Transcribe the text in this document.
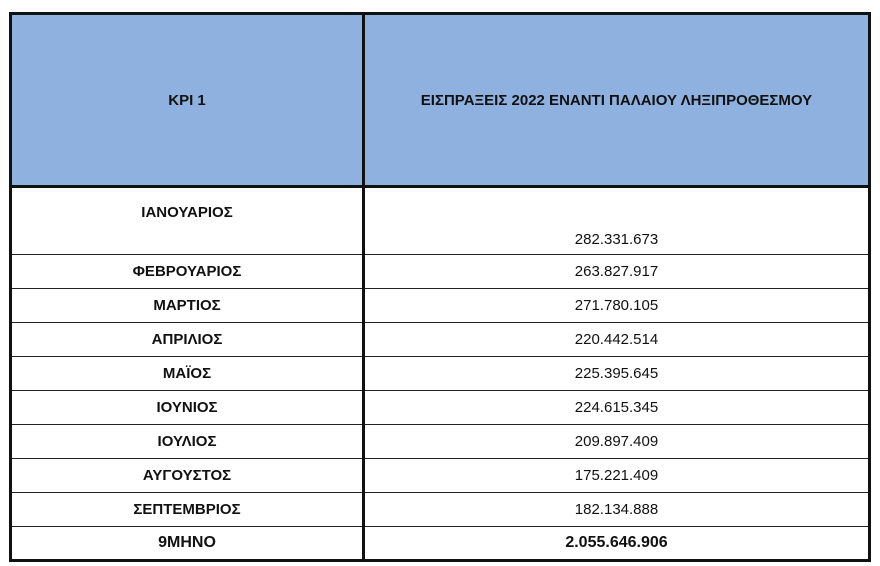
KPI 1	ΕΙΣΠΡΑΞΕΙΣ 2022 ΕΝΑΝΤΙ ΠΑΛΑΙΟΥ ΛΗΞΙΠΡΟΘΕΣΜΟΥ
ΙΑΝΟΥΑΡΙΟΣ	282.331.673
ΦΕΒΡΟΥΑΡΙΟΣ	263.827.917
ΜΑΡΤΙΟΣ	271.780.105
ΑΠΡΙΛΙΟΣ	220.442.514
ΜΑΪΟΣ	225.395.645
ΙΟΥΝΙΟΣ	224.615.345
ΙΟΥΛΙΟΣ	209.897.409
ΑΥΓΟΥΣΤΟΣ	175.221.409
ΣΕΠΤΕΜΒΡΙΟΣ	182.134.888
9ΜΗΝΟ	2.055.646.906
